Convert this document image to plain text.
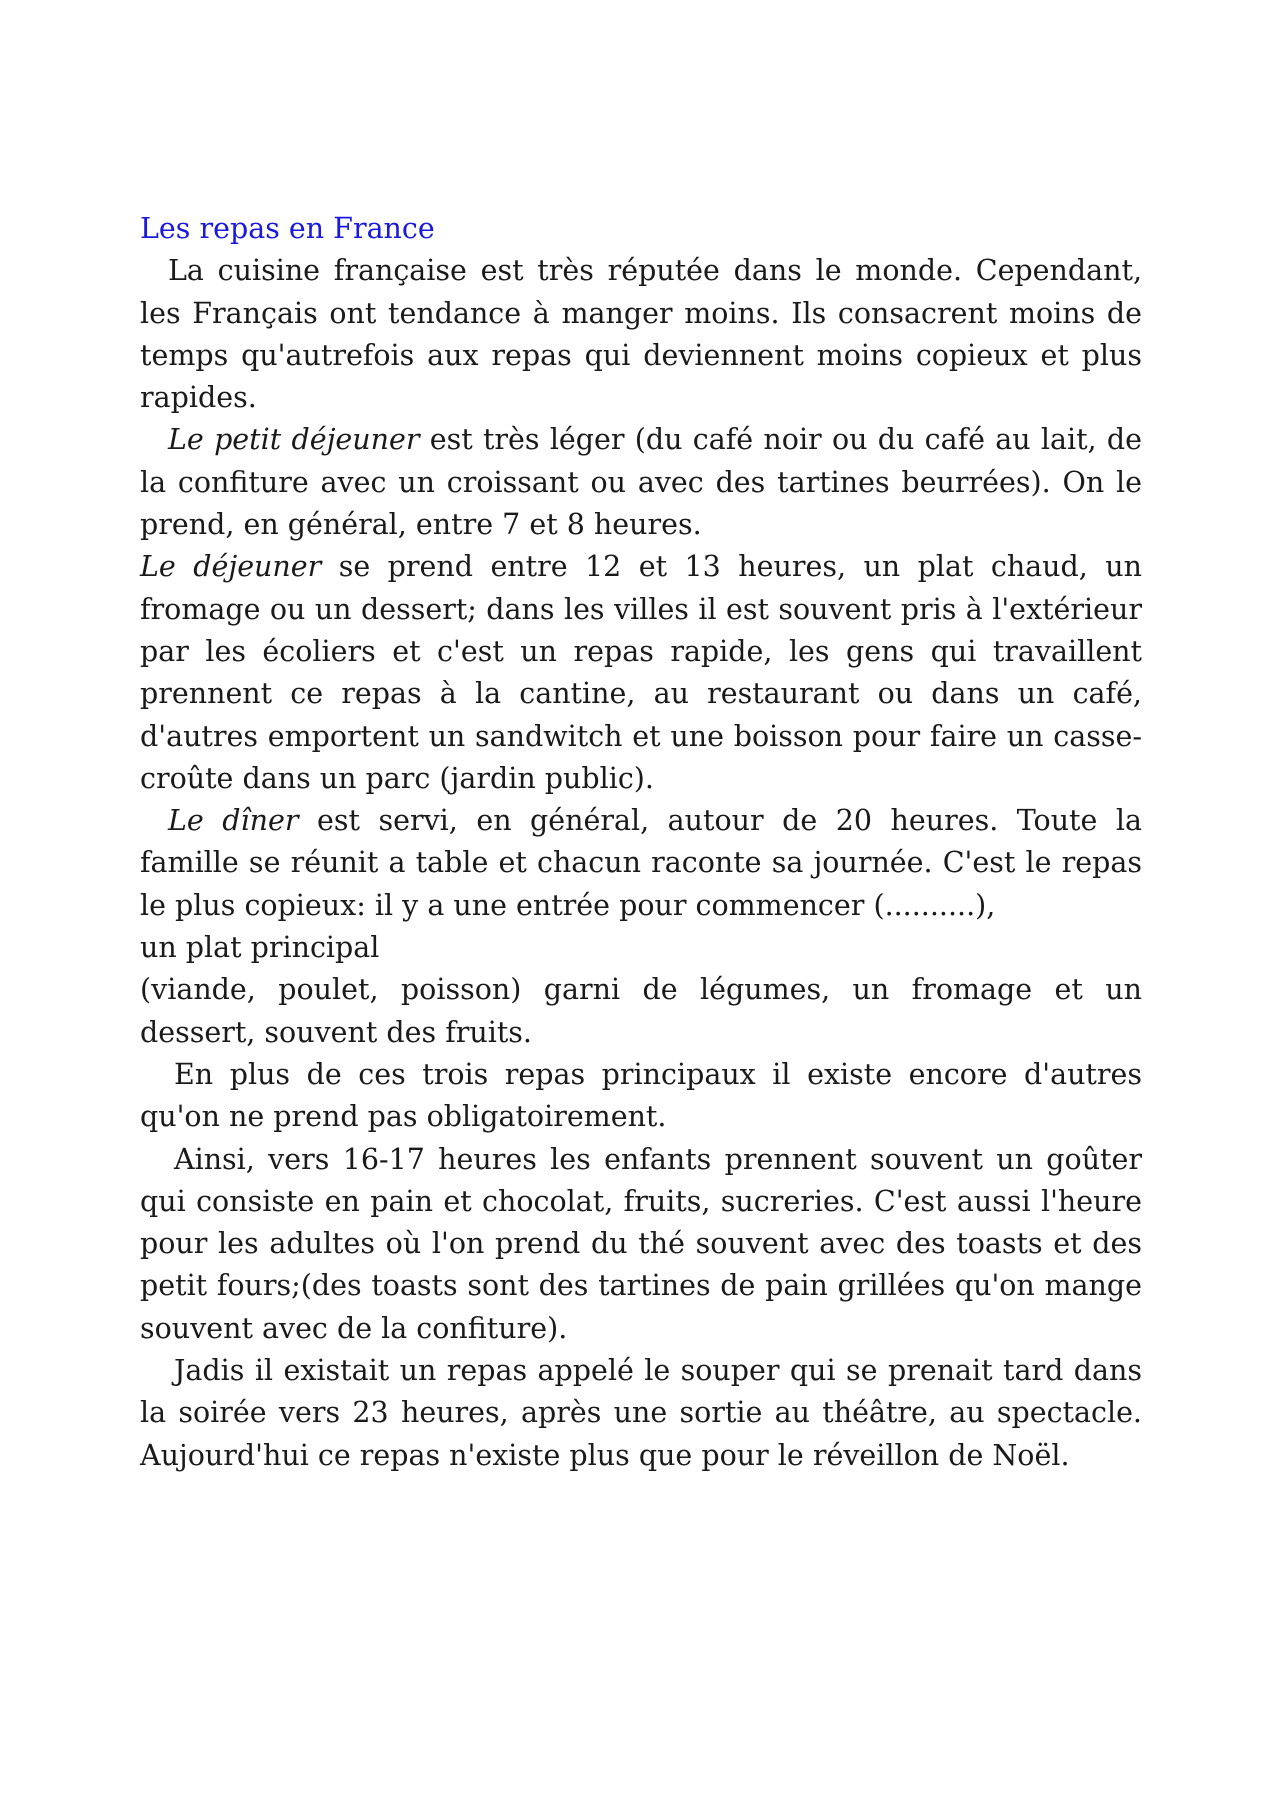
Les repas en France

La cuisine française est très réputée dans le monde. Cependant, les Français ont tendance à manger moins. Ils consacrent moins de temps qu'autrefois aux repas qui deviennent moins copieux et plus rapides.

Le petit déjeuner est très léger (du café noir ou du café au lait, de la confiture avec un croissant ou avec des tartines beurrées). On le prend, en général, entre 7 et 8 heures.

Le déjeuner se prend entre 12 et 13 heures, un plat chaud, un fromage ou un dessert; dans les villes il est souvent pris à l'extérieur par les écoliers et c'est un repas rapide, les gens qui travaillent prennent ce repas à la cantine, au restaurant ou dans un café, d'autres emportent un sandwitch et une boisson pour faire un casse-croûte dans un parc (jardin public).

Le dîner est servi, en général, autour de 20 heures. Toute la famille se réunit a table et chacun raconte sa journée. C'est le repas le plus copieux: il y a une entrée pour commencer (..........),

un plat principal

(viande, poulet, poisson) garni de légumes, un fromage et un dessert, souvent des fruits.

En plus de ces trois repas principaux il existe encore d'autres qu'on ne prend pas obligatoirement.

Ainsi, vers 16-17 heures les enfants prennent souvent un goûter qui consiste en pain et chocolat, fruits, sucreries. C'est aussi l'heure pour les adultes où l'on prend du thé souvent avec des toasts et des petit fours;(des toasts sont des tartines de pain grillées qu'on mange souvent avec de la confiture).

Jadis il existait un repas appelé le souper qui se prenait tard dans la soirée vers 23 heures, après une sortie au théâtre, au spectacle. Aujourd'hui ce repas n'existe plus que pour le réveillon de Noël.
